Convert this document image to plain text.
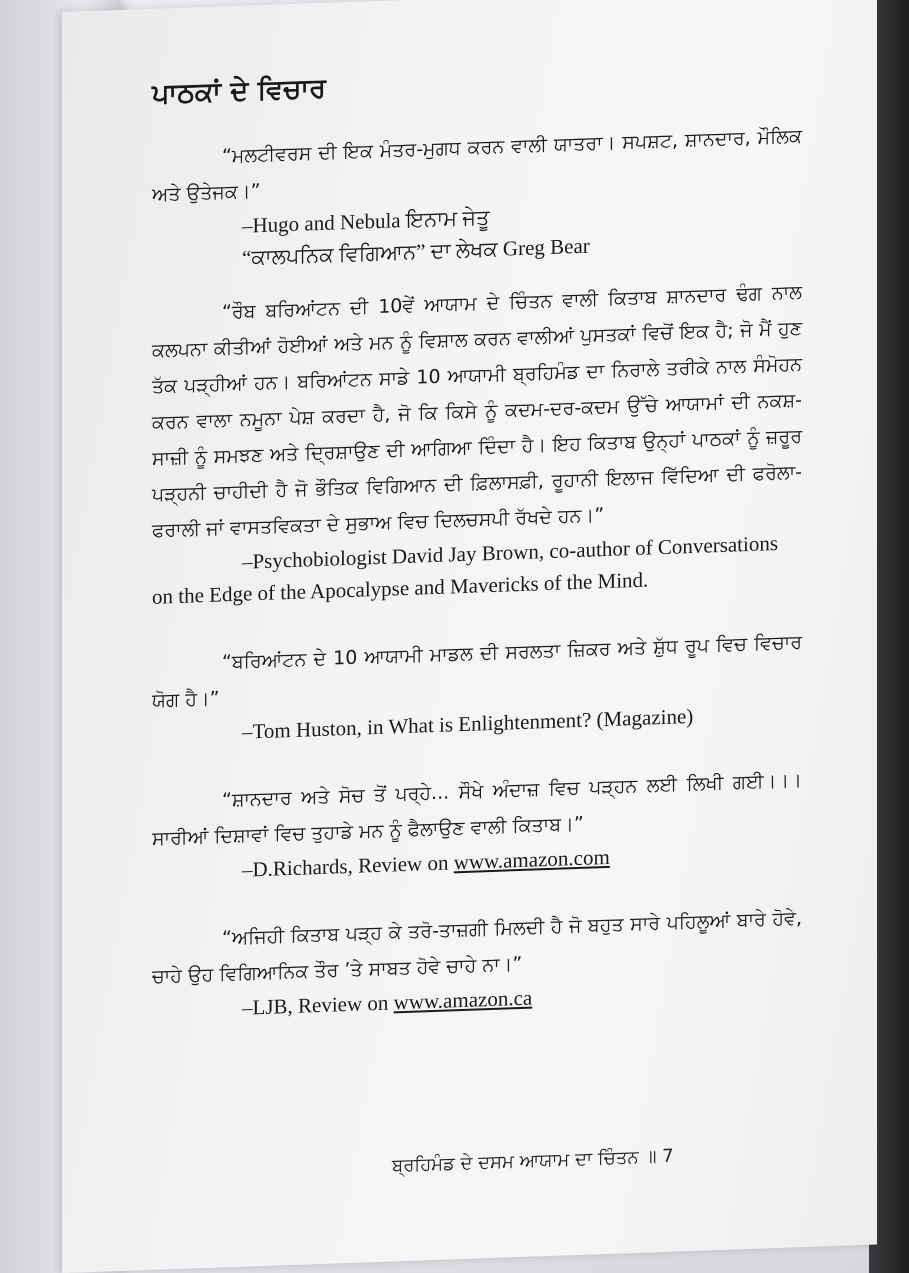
ਪਾਠਕਾਂ ਦੇ ਵਿਚਾਰ

“ਮਲਟੀਵਰਸ ਦੀ ਇਕ ਮੰਤਰ-ਮੁਗਧ ਕਰਨ ਵਾਲੀ ਯਾਤਰਾ। ਸਪਸ਼ਟ, ਸ਼ਾਨਦਾਰ, ਮੌਲਿਕ ਅਤੇ ਉਤੇਜਕ।”

–Hugo and Nebula ਇਨਾਮ ਜੇਤੂ

“ਕਾਲਪਨਿਕ ਵਿਗਿਆਨ” ਦਾ ਲੇਖਕ Greg Bear

“ਰੌਬ ਬਰਿਆਂਟਨ ਦੀ 10ਵੇਂ ਆਯਾਮ ਦੇ ਚਿੰਤਨ ਵਾਲੀ ਕਿਤਾਬ ਸ਼ਾਨਦਾਰ ਢੰਗ ਨਾਲ ਕਲਪਨਾ ਕੀਤੀਆਂ ਹੋਈਆਂ ਅਤੇ ਮਨ ਨੂੰ ਵਿਸ਼ਾਲ ਕਰਨ ਵਾਲੀਆਂ ਪੁਸਤਕਾਂ ਵਿਚੋਂ ਇਕ ਹੈ; ਜੋ ਮੈਂ ਹੁਣ ਤੱਕ ਪੜ੍ਹੀਆਂ ਹਨ। ਬਰਿਆਂਟਨ ਸਾਡੇ 10 ਆਯਾਮੀ ਬ੍ਰਹਿਮੰਡ ਦਾ ਨਿਰਾਲੇ ਤਰੀਕੇ ਨਾਲ ਸੰਮੋਹਨ ਕਰਨ ਵਾਲਾ ਨਮੂਨਾ ਪੇਸ਼ ਕਰਦਾ ਹੈ, ਜੋ ਕਿ ਕਿਸੇ ਨੂੰ ਕਦਮ-ਦਰ-ਕਦਮ ਉੱਚੇ ਆਯਾਮਾਂ ਦੀ ਨਕਸ਼-ਸਾਜ਼ੀ ਨੂੰ ਸਮਝਣ ਅਤੇ ਦ੍ਰਿਸ਼ਾਉਣ ਦੀ ਆਗਿਆ ਦਿੰਦਾ ਹੈ। ਇਹ ਕਿਤਾਬ ਉਨ੍ਹਾਂ ਪਾਠਕਾਂ ਨੂੰ ਜ਼ਰੂਰ ਪੜ੍ਹਨੀ ਚਾਹੀਦੀ ਹੈ ਜੋ ਭੌਤਿਕ ਵਿਗਿਆਨ ਦੀ ਫ਼ਿਲਾਸਫ਼ੀ, ਰੂਹਾਨੀ ਇਲਾਜ ਵਿੱਦਿਆ ਦੀ ਫਰੋਲਾ-ਫਰਾਲੀ ਜਾਂ ਵਾਸਤਵਿਕਤਾ ਦੇ ਸੁਭਾਅ ਵਿਚ ਦਿਲਚਸਪੀ ਰੱਖਦੇ ਹਨ।”

–Psychobiologist David Jay Brown, co-author of Conversations

on the Edge of the Apocalypse and Mavericks of the Mind.

“ਬਰਿਆਂਟਨ ਦੇ 10 ਆਯਾਮੀ ਮਾਡਲ ਦੀ ਸਰਲਤਾ ਜ਼ਿਕਰ ਅਤੇ ਸ਼ੁੱਧ ਰੂਪ ਵਿਚ ਵਿਚਾਰ ਯੋਗ ਹੈ।”

–Tom Huston, in What is Enlightenment? (Magazine)

“ਸ਼ਾਨਦਾਰ ਅਤੇ ਸੋਚ ਤੋਂ ਪਰ੍ਹੇ... ਸੌਖੇ ਅੰਦਾਜ਼ ਵਿਚ ਪੜ੍ਹਨ ਲਈ ਲਿਖੀ ਗਈ।।। ਸਾਰੀਆਂ ਦਿਸ਼ਾਵਾਂ ਵਿਚ ਤੁਹਾਡੇ ਮਨ ਨੂੰ ਫੈਲਾਉਣ ਵਾਲੀ ਕਿਤਾਬ।”

–D.Richards, Review on www.amazon.com

“ਅਜਿਹੀ ਕਿਤਾਬ ਪੜ੍ਹ ਕੇ ਤਰੋ-ਤਾਜ਼ਗੀ ਮਿਲਦੀ ਹੈ ਜੋ ਬਹੁਤ ਸਾਰੇ ਪਹਿਲੂਆਂ ਬਾਰੇ ਹੋਵੇ, ਚਾਹੇ ਉਹ ਵਿਗਿਆਨਿਕ ਤੌਰ ’ਤੇ ਸਾਬਤ ਹੋਵੇ ਚਾਹੇ ਨਾ।”

–LJB, Review on www.amazon.ca

ਬ੍ਰਹਿਮੰਡ ਦੇ ਦਸਮ ਆਯਾਮ ਦਾ ਚਿੰਤਨ ॥ 7
